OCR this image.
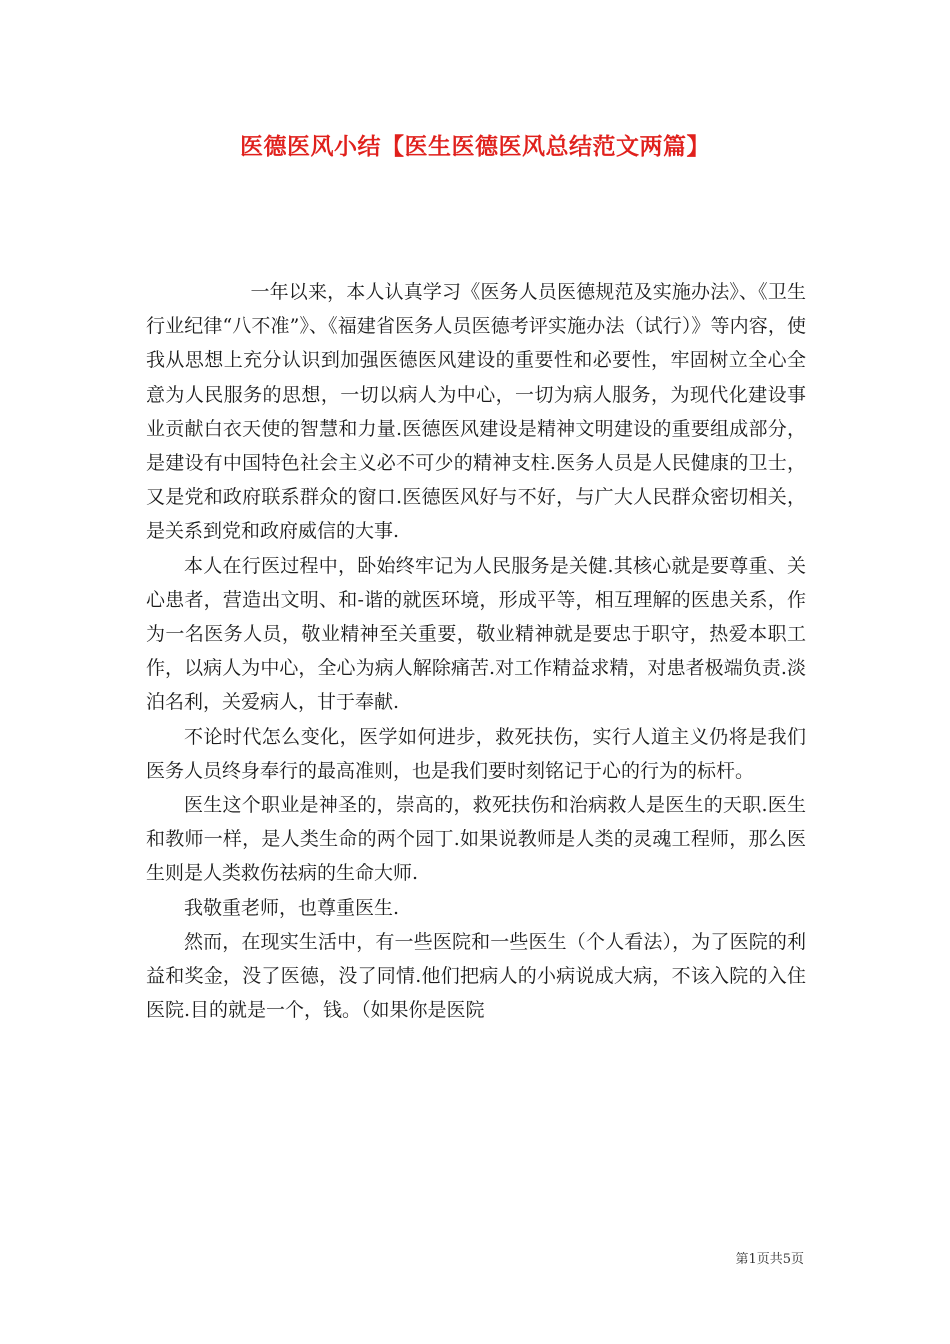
医德医风小结【医生医德医风总结范文两篇】

一年以来，本人认真学习《医务人员医德规范及实施办法》、《卫生行业纪律“八不准”》、《福建省医务人员医德考评实施办法（试行）》等内容，使我从思想上充分认识到加强医德医风建设的重要性和必要性，牢固树立全心全意为人民服务的思想，一切以病人为中心，一切为病人服务，为现代化建设事业贡献白衣天使的智慧和力量.医德医风建设是精神文明建设的重要组成部分，是建设有中国特色社会主义必不可少的精神支柱.医务人员是人民健康的卫士，又是党和政府联系群众的窗口.医德医风好与不好，与广大人民群众密切相关，是关系到党和政府威信的大事.

本人在行医过程中，卧始终牢记为人民服务是关健.其核心就是要尊重、关心患者，营造出文明、和-谐的就医环境，形成平等，相互理解的医患关系，作为一名医务人员，敬业精神至关重要，敬业精神就是要忠于职守，热爱本职工作，以病人为中心，全心为病人解除痛苦.对工作精益求精，对患者极端负责.淡泊名利，关爱病人，甘于奉献.

不论时代怎么变化，医学如何进步，救死扶伤，实行人道主义仍将是我们医务人员终身奉行的最高准则，也是我们要时刻铭记于心的行为的标杆。

医生这个职业是神圣的，崇高的，救死扶伤和治病救人是医生的天职.医生和教师一样，是人类生命的两个园丁.如果说教师是人类的灵魂工程师，那么医生则是人类救伤祛病的生命大师.

我敬重老师，也尊重医生.

然而，在现实生活中，有一些医院和一些医生（个人看法），为了医院的利益和奖金，没了医德，没了同情.他们把病人的小病说成大病，不该入院的入住医院.目的就是一个，钱。（如果你是医院

第1页共5页
